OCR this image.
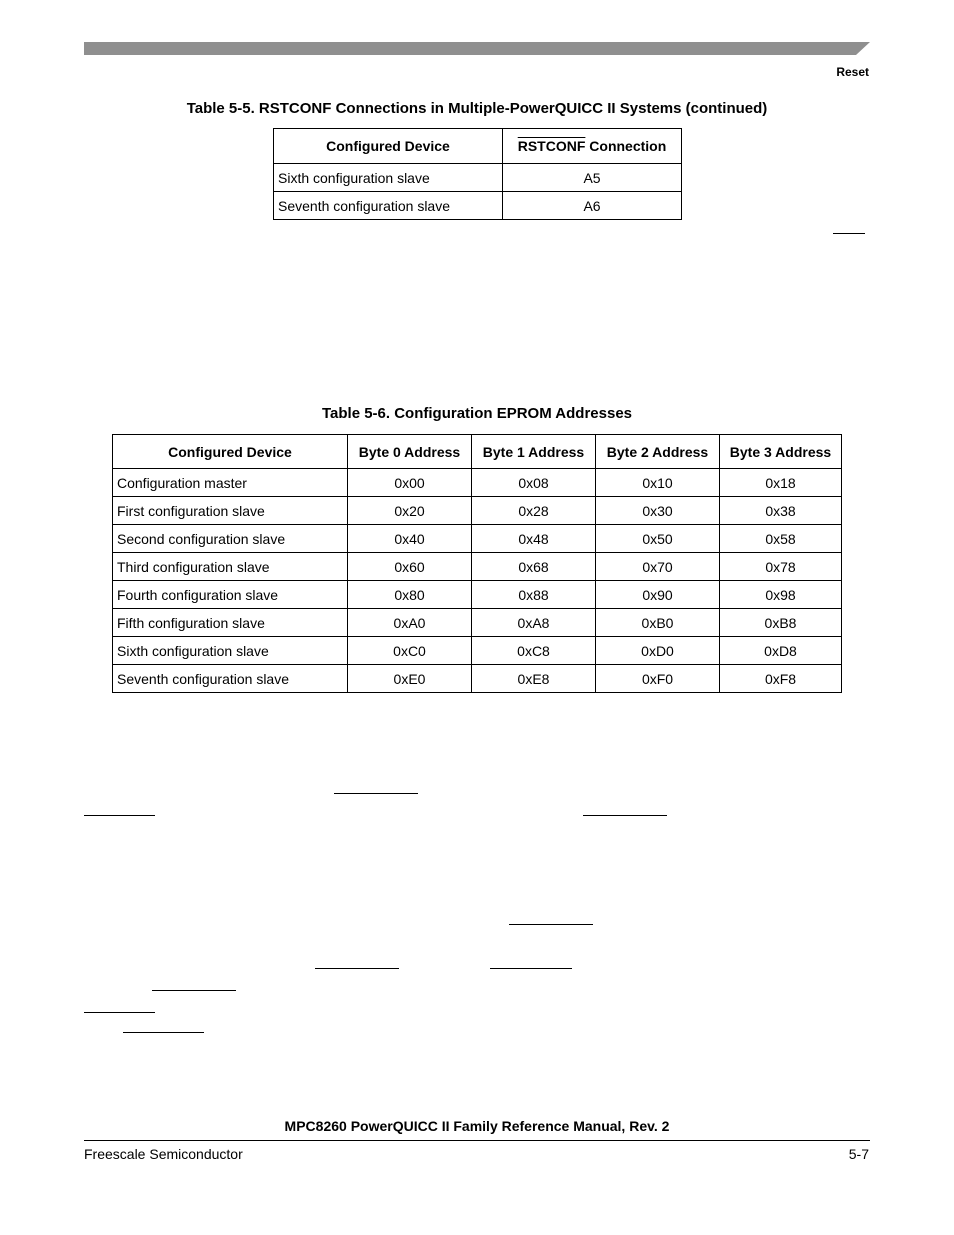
Reset
Table 5-5. RSTCONF Connections in Multiple-PowerQUICC II Systems (continued)
Configured Device	RSTCONF Connection
Sixth configuration slave	A5
Seventh configuration slave	A6
Table 5-6. Configuration EPROM Addresses
Configured Device	Byte 0 Address	Byte 1 Address	Byte 2 Address	Byte 3 Address
Configuration master	0x00	0x08	0x10	0x18
First configuration slave	0x20	0x28	0x30	0x38
Second configuration slave	0x40	0x48	0x50	0x58
Third configuration slave	0x60	0x68	0x70	0x78
Fourth configuration slave	0x80	0x88	0x90	0x98
Fifth configuration slave	0xA0	0xA8	0xB0	0xB8
Sixth configuration slave	0xC0	0xC8	0xD0	0xD8
Seventh configuration slave	0xE0	0xE8	0xF0	0xF8
MPC8260 PowerQUICC II Family Reference Manual, Rev. 2
Freescale Semiconductor	5-7
